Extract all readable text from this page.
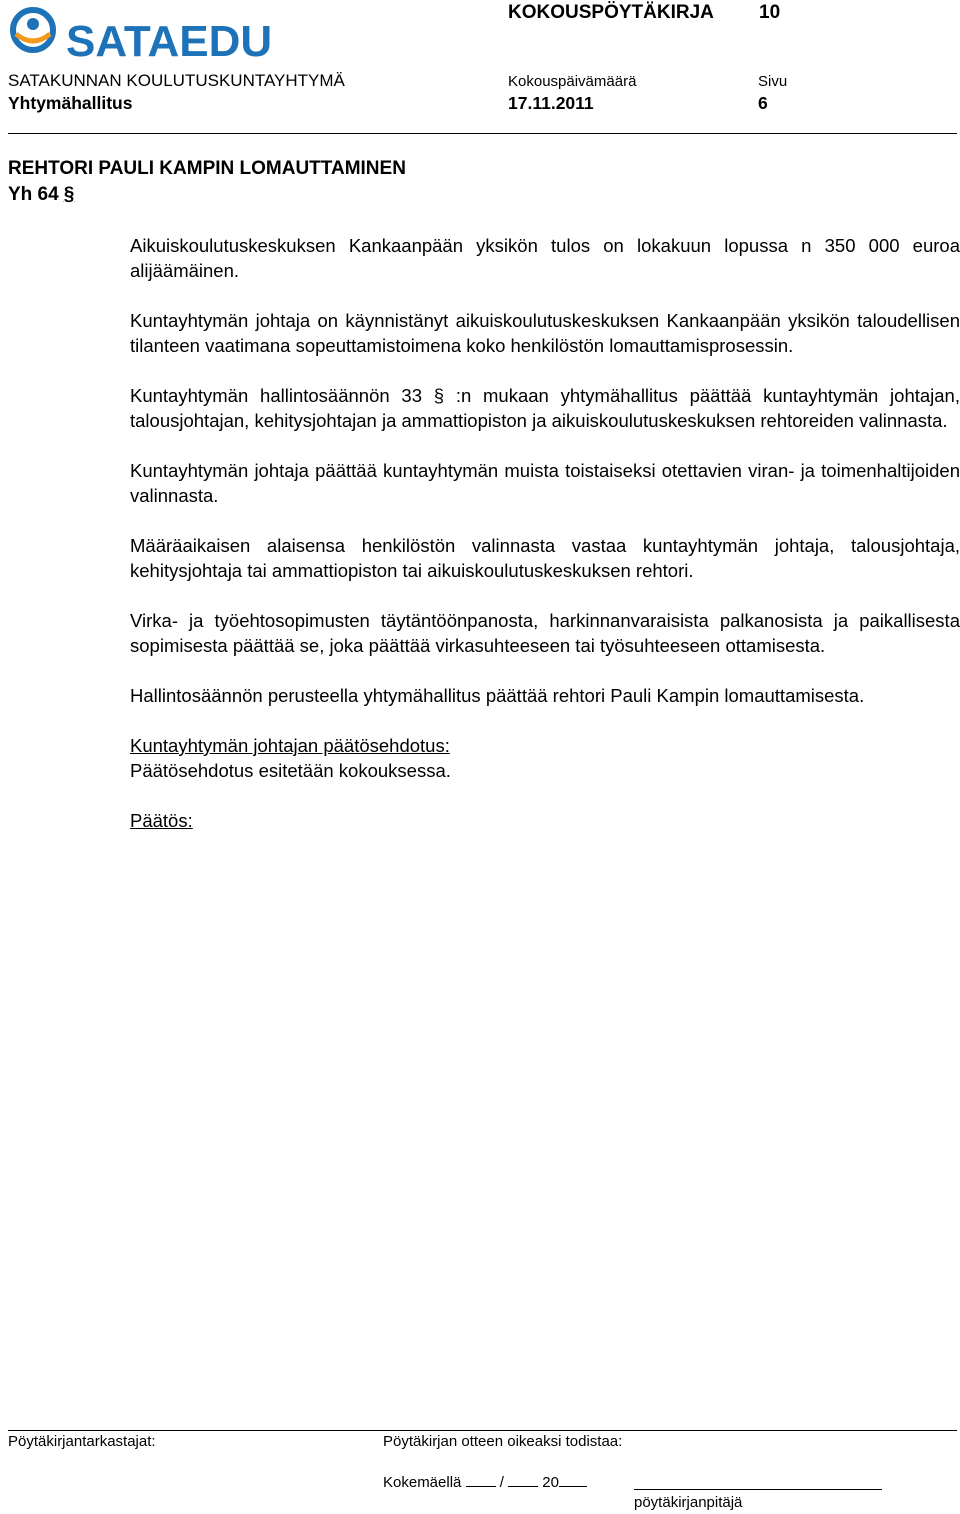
SATAEDU
KOKOUSPÖYTÄKIRJA 10
SATAKUNNAN KOULUTUSKUNTAYHTYMÄ	Kokouspäivämäärä	Sivu
Yhtymähallitus	17.11.2011	6
REHTORI PAULI KAMPIN LOMAUTTAMINEN
Yh 64 §

Aikuiskoulutuskeskuksen Kankaanpään yksikön tulos on lokakuun lopussa n 350 000 euroa alijäämäinen.

Kuntayhtymän johtaja on käynnistänyt aikuiskoulutuskeskuksen Kankaanpään yksikön taloudellisen tilanteen vaatimana sopeuttamistoimena koko henkilöstön lomauttamisprosessin.

Kuntayhtymän hallintosäännön 33 § :n mukaan yhtymähallitus päättää kuntayhtymän johtajan, talousjohtajan, kehitysjohtajan ja ammattiopiston ja aikuiskoulutuskeskuksen rehtoreiden valinnasta.

Kuntayhtymän johtaja päättää kuntayhtymän muista toistaiseksi otettavien viran- ja toimenhaltijoiden valinnasta.

Määräaikaisen alaisensa henkilöstön valinnasta vastaa kuntayhtymän johtaja, talousjohtaja, kehitysjohtaja tai ammattiopiston tai aikuiskoulutuskeskuksen rehtori.

Virka- ja työehtosopimusten täytäntöönpanosta, harkinnanvaraisista palkanosista ja paikallisesta sopimisesta päättää se, joka päättää virkasuhteeseen tai työsuhteeseen ottamisesta.

Hallintosäännön perusteella yhtymähallitus päättää rehtori Pauli Kampin lomauttamisesta.

Kuntayhtymän johtajan päätösehdotus:

Päätösehdotus esitetään kokouksessa.

Päätös:

Pöytäkirjantarkastajat:	Pöytäkirjan otteen oikeaksi todistaa:
Kokemäellä	/	20
pöytäkirjanpitäjä
